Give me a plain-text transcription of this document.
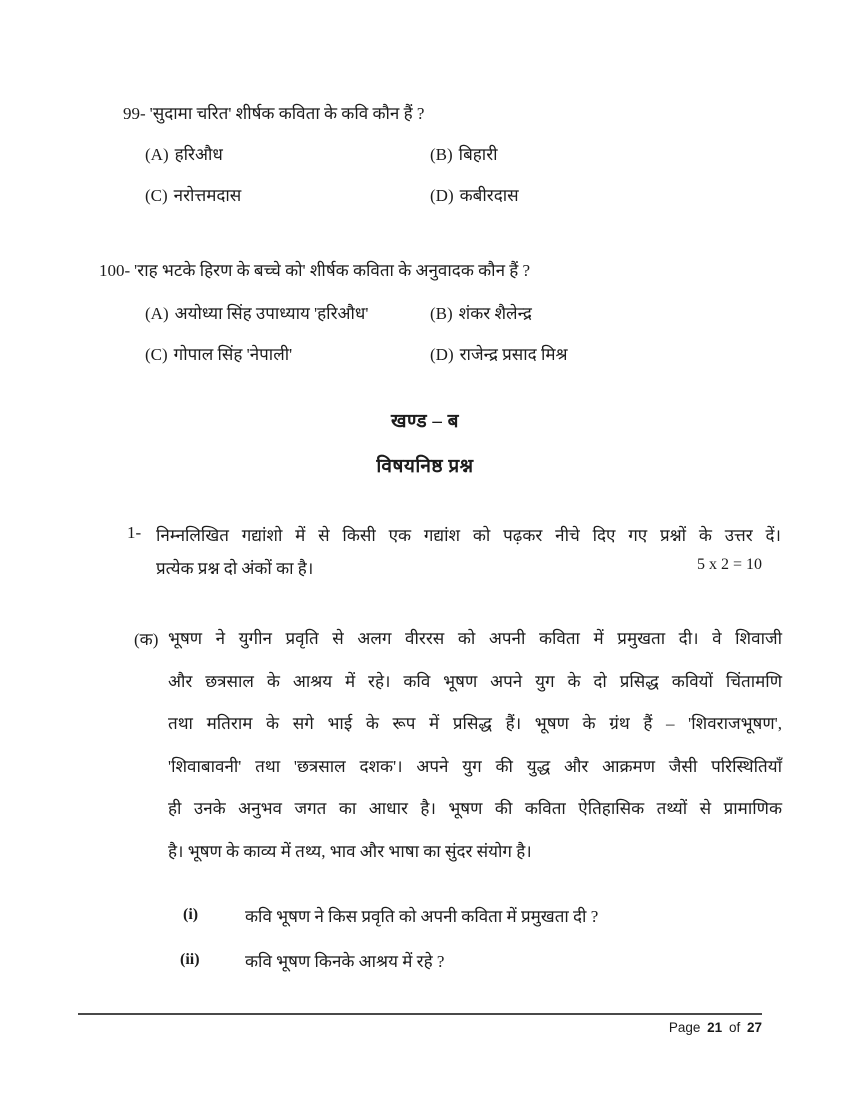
99- 'सुदामा चरित' शीर्षक कविता के कवि कौन हैं ?
(A) हरिऔध	(B) बिहारी
(C) नरोत्तमदास	(D) कबीरदास
100- 'राह भटके हिरण के बच्चे को' शीर्षक कविता के अनुवादक कौन हैं ?
(A) अयोध्या सिंह उपाध्याय 'हरिऔध'	(B) शंकर शैलेन्द्र
(C) गोपाल सिंह 'नेपाली'	(D) राजेन्द्र प्रसाद मिश्र
खण्ड – ब
विषयनिष्ठ प्रश्न
1- निम्नलिखित गद्यांशो में से किसी एक गद्यांश को पढ़कर नीचे दिए गए प्रश्नों के उत्तर दें।
प्रत्येक प्रश्न दो अंकों का है।	5 x 2 = 10
(क) भूषण ने युगीन प्रवृति से अलग वीररस को अपनी कविता में प्रमुखता दी। वे शिवाजी
और छत्रसाल के आश्रय में रहे। कवि भूषण अपने युग के दो प्रसिद्ध कवियों चिंतामणि
तथा मतिराम के सगे भाई के रूप में प्रसिद्ध हैं। भूषण के ग्रंथ हैं – 'शिवराजभूषण',
'शिवाबावनी' तथा 'छत्रसाल दशक'। अपने युग की युद्ध और आक्रमण जैसी परिस्थितियाँ
ही उनके अनुभव जगत का आधार है। भूषण की कविता ऐतिहासिक तथ्यों से प्रामाणिक
है। भूषण के काव्य में तथ्य, भाव और भाषा का सुंदर संयोग है।
(i)	कवि भूषण ने किस प्रवृति को अपनी कविता में प्रमुखता दी ?
(ii)	कवि भूषण किनके आश्रय में रहे ?
Page 21 of 27
